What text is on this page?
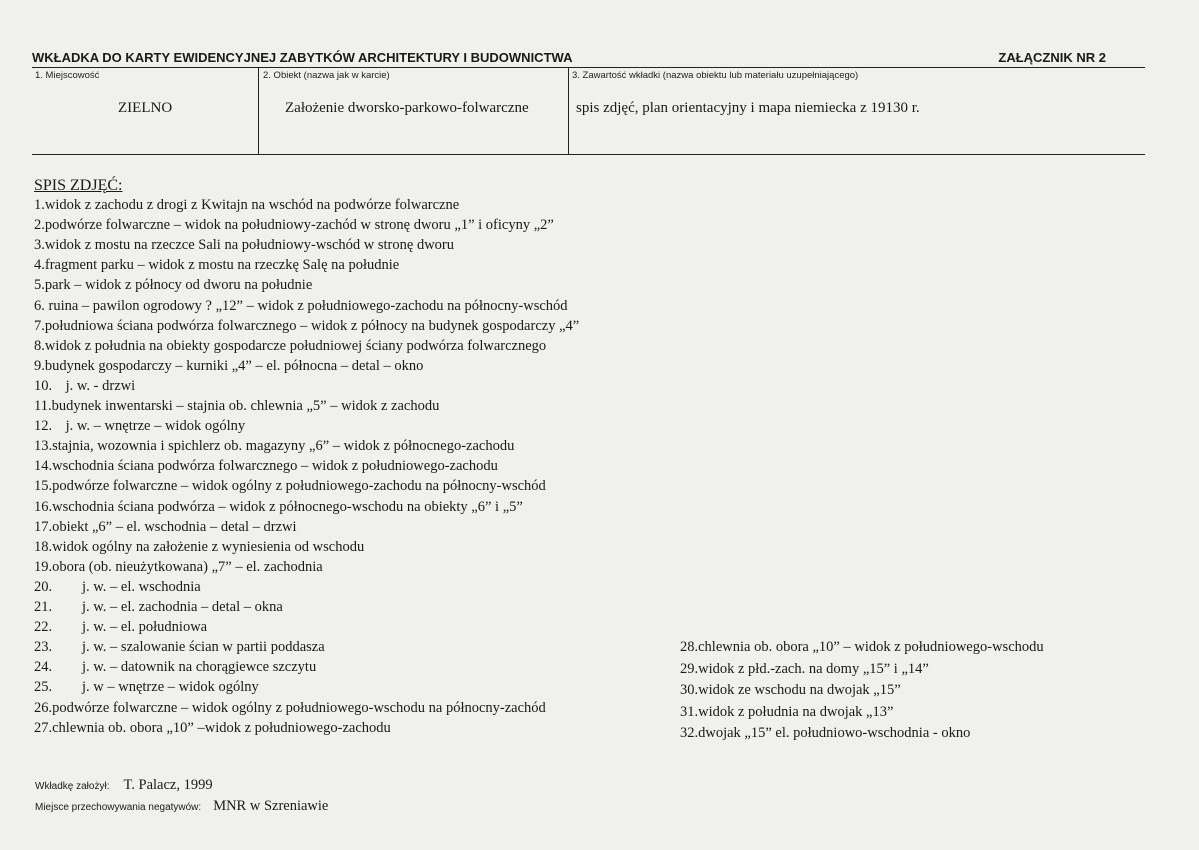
WKŁADKA DO KARTY EWIDENCYJNEJ ZABYTKÓW ARCHITEKTURY I BUDOWNICTWA	ZAŁĄCZNIK NR 2
1. Miejscowość
ZIELNO
2. Obiekt (nazwa jak w karcie)
Założenie dworsko-parkowo-folwarczne
3. Zawartość wkładki (nazwa obiektu lub materiału uzupełniającego)
spis zdjęć, plan orientacyjny i mapa niemiecka z 19130 r.
SPIS ZDJĘĆ:
1.widok z zachodu z drogi z Kwitajn na wschód na podwórze folwarczne
2.podwórze folwarczne – widok na południowy-zachód w stronę dworu „1” i oficyny „2”
3.widok z mostu na rzeczce Sali na południowy-wschód w stronę dworu
4.fragment parku – widok z mostu na rzeczkę Salę na południe
5.park – widok z północy od dworu na południe
6. ruina – pawilon ogrodowy ? „12” – widok z południowego-zachodu na północny-wschód
7.południowa ściana podwórza folwarcznego – widok z północy na budynek gospodarczy „4”
8.widok z południa na obiekty gospodarcze południowej ściany podwórza folwarcznego
9.budynek gospodarczy – kurniki „4” – el. północna – detal – okno
10. j. w. - drzwi
11.budynek inwentarski – stajnia ob. chlewnia „5” – widok z zachodu
12. j. w. – wnętrze – widok ogólny
13.stajnia, wozownia i spichlerz ob. magazyny „6” – widok z północnego-zachodu
14.wschodnia ściana podwórza folwarcznego – widok z południowego-zachodu
15.podwórze folwarczne – widok ogólny z południowego-zachodu na północny-wschód
16.wschodnia ściana podwórza – widok z północnego-wschodu na obiekty „6” i „5”
17.obiekt „6” – el. wschodnia – detal – drzwi
18.widok ogólny na założenie z wyniesienia od wschodu
19.obora (ob. nieużytkowana) „7” – el. zachodnia
20. j. w. – el. wschodnia
21. j. w. – el. zachodnia – detal – okna
22. j. w. – el. południowa
23. j. w. – szalowanie ścian w partii poddasza
24. j. w. – datownik na chorągiewce szczytu
25. j. w – wnętrze – widok ogólny
26.podwórze folwarczne – widok ogólny z południowego-wschodu na północny-zachód
27.chlewnia ob. obora „10” –widok z południowego-zachodu
28.chlewnia ob. obora „10” – widok z południowego-wschodu
29.widok z płd.-zach. na domy „15” i „14”
30.widok ze wschodu na dwojak „15”
31.widok z południa na dwojak „13”
32.dwojak „15” el. południowo-wschodnia - okno
Wkładkę założył: T. Palacz, 1999
Miejsce przechowywania negatywów: MNR w Szreniawie
